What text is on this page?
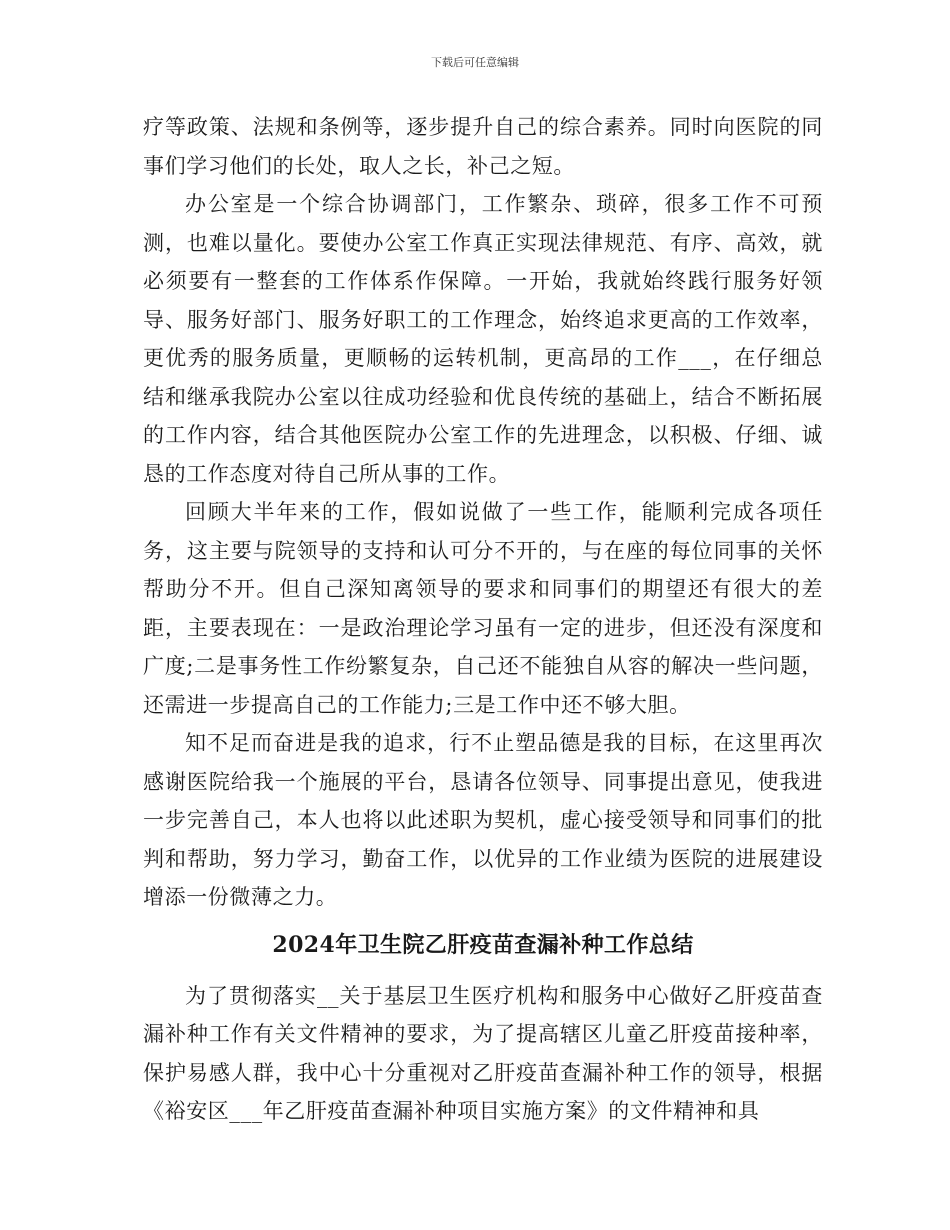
下载后可任意编辑

疗等政策、法规和条例等，逐步提升自己的综合素养。同时向医院的同事们学习他们的长处，取人之长，补己之短。

办公室是一个综合协调部门，工作繁杂、琐碎，很多工作不可预测，也难以量化。要使办公室工作真正实现法律规范、有序、高效，就必须要有一整套的工作体系作保障。一开始，我就始终践行服务好领导、服务好部门、服务好职工的工作理念，始终追求更高的工作效率，更优秀的服务质量，更顺畅的运转机制，更高昂的工作___，在仔细总结和继承我院办公室以往成功经验和优良传统的基础上，结合不断拓展的工作内容，结合其他医院办公室工作的先进理念，以积极、仔细、诚恳的工作态度对待自己所从事的工作。

回顾大半年来的工作，假如说做了一些工作，能顺利完成各项任务，这主要与院领导的支持和认可分不开的，与在座的每位同事的关怀帮助分不开。但自己深知离领导的要求和同事们的期望还有很大的差距，主要表现在：一是政治理论学习虽有一定的进步，但还没有深度和广度;二是事务性工作纷繁复杂，自己还不能独自从容的解决一些问题，还需进一步提高自己的工作能力;三是工作中还不够大胆。

知不足而奋进是我的追求，行不止塑品德是我的目标，在这里再次感谢医院给我一个施展的平台，恳请各位领导、同事提出意见，使我进一步完善自己，本人也将以此述职为契机，虚心接受领导和同事们的批判和帮助，努力学习，勤奋工作，以优异的工作业绩为医院的进展建设增添一份微薄之力。

2024年卫生院乙肝疫苗查漏补种工作总结

为了贯彻落实__关于基层卫生医疗机构和服务中心做好乙肝疫苗查漏补种工作有关文件精神的要求，为了提高辖区儿童乙肝疫苗接种率，保护易感人群，我中心十分重视对乙肝疫苗查漏补种工作的领导，根据《裕安区___年乙肝疫苗查漏补种项目实施方案》的文件精神和具
